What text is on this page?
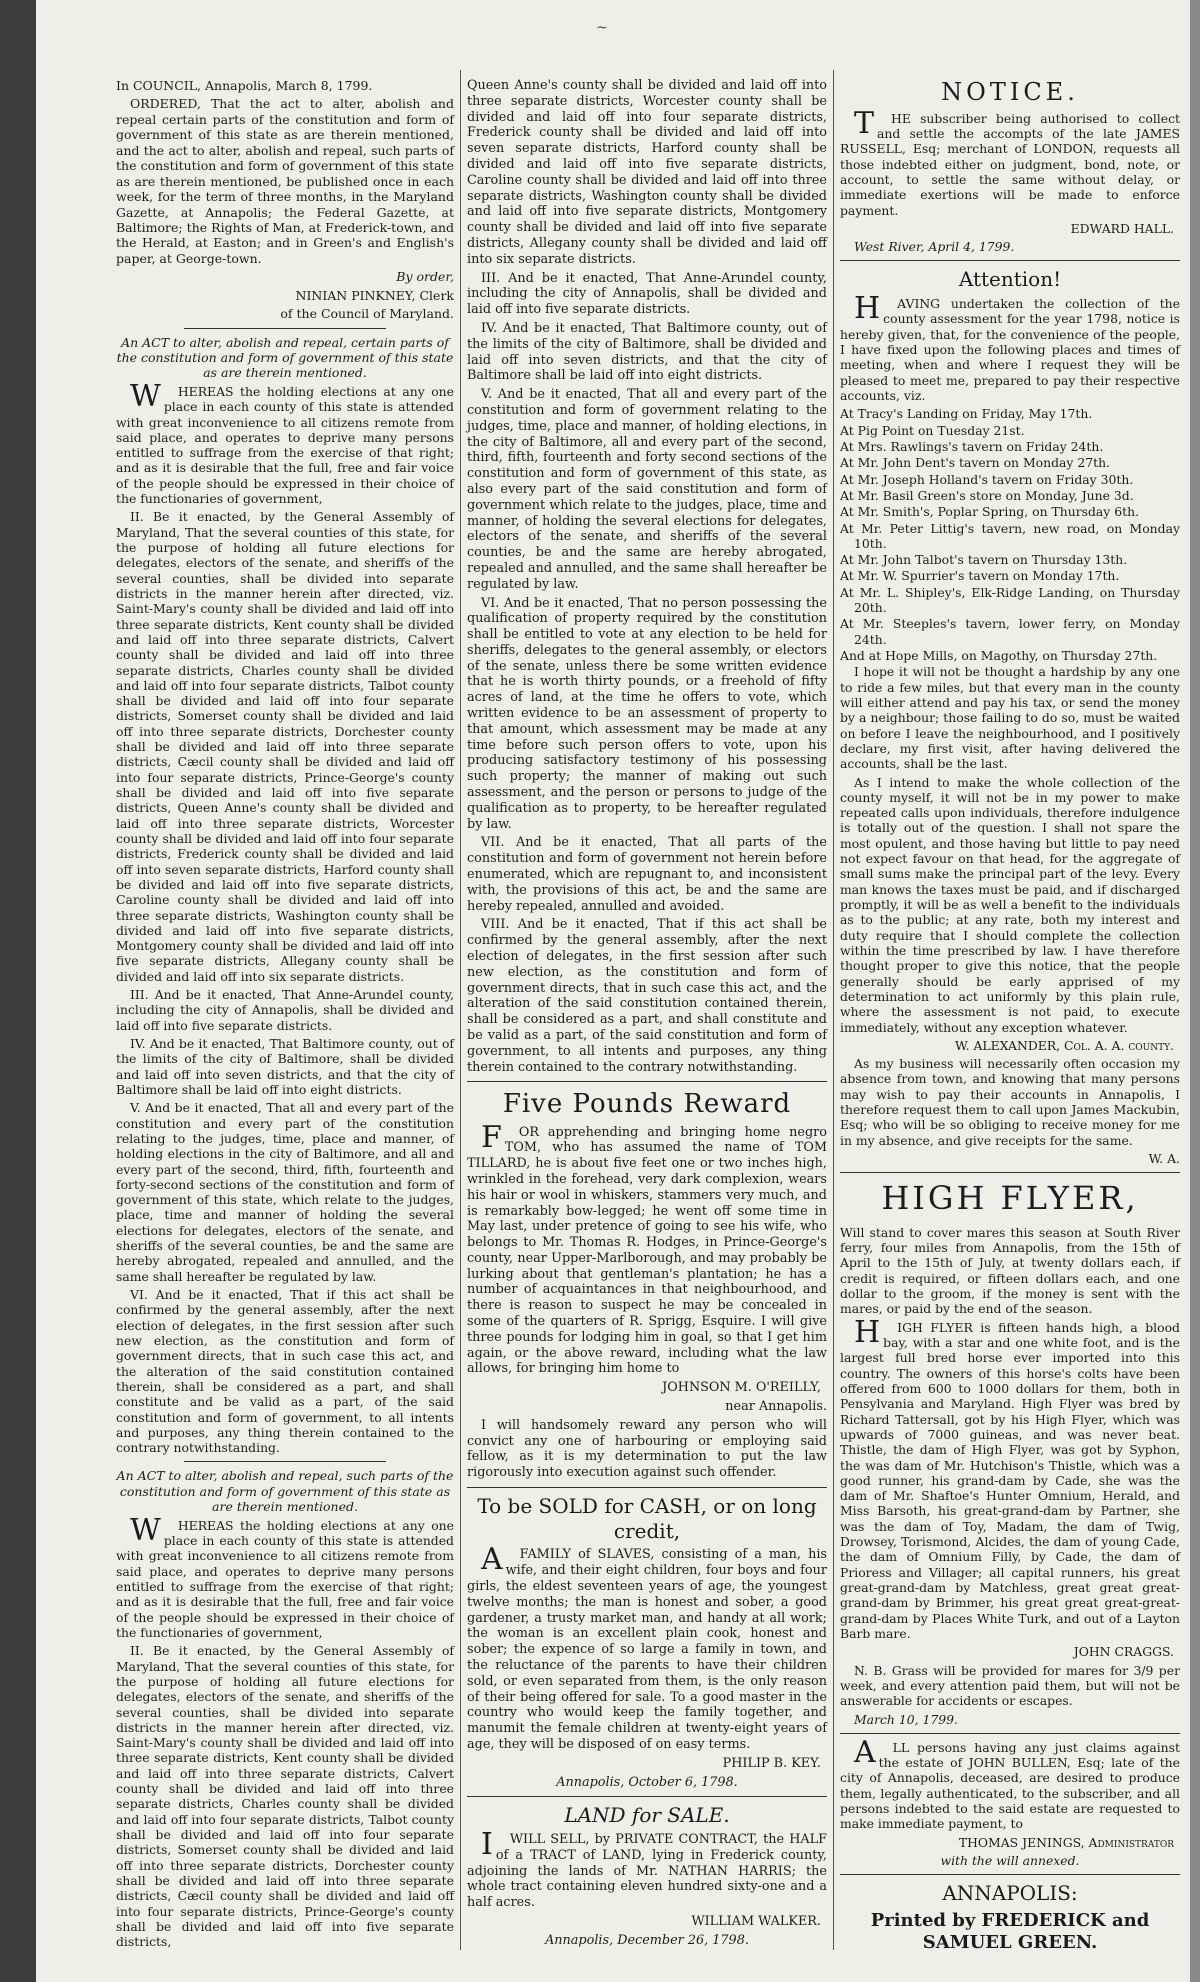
~

In COUNCIL, Annapolis, March 8, 1799.

ORDERED, That the act to alter, abolish and repeal certain parts of the constitution and form of government of this state as are therein mentioned, and the act to alter, abolish and repeal, such parts of the constitution and form of government of this state as are therein mentioned, be published once in each week, for the term of three months, in the Maryland Gazette, at Annapolis; the Federal Gazette, at Baltimore; the Rights of Man, at Frederick-town, and the Herald, at Easton; and in Green's and English's paper, at George-town.

By order,

NINIAN PINKNEY, Clerk

of the Council of Maryland.

An ACT to alter, abolish and repeal, certain parts of the constitution and form of government of this state as are therein mentioned.

WHEREAS the holding elections at any one place in each county of this state is attended with great inconvenience to all citizens remote from said place, and operates to deprive many persons entitled to suffrage from the exercise of that right; and as it is desirable that the full, free and fair voice of the people should be expressed in their choice of the functionaries of government,

II. Be it enacted, by the General Assembly of Maryland, That the several counties of this state, for the purpose of holding all future elections for delegates, electors of the senate, and sheriffs of the several counties, shall be divided into separate districts in the manner herein after directed, viz. Saint-Mary's county shall be divided and laid off into three separate districts, Kent county shall be divided and laid off into three separate districts, Calvert county shall be divided and laid off into three separate districts, Charles county shall be divided and laid off into four separate districts, Talbot county shall be divided and laid off into four separate districts, Somerset county shall be divided and laid off into three separate districts, Dorchester county shall be divided and laid off into three separate districts, Cæcil county shall be divided and laid off into four separate districts, Prince-George's county shall be divided and laid off into five separate districts, Queen Anne's county shall be divided and laid off into three separate districts, Worcester county shall be divided and laid off into four separate districts, Frederick county shall be divided and laid off into seven separate districts, Harford county shall be divided and laid off into five separate districts, Caroline county shall be divided and laid off into three separate districts, Washington county shall be divided and laid off into five separate districts, Montgomery county shall be divided and laid off into five separate districts, Allegany county shall be divided and laid off into six separate districts.

III. And be it enacted, That Anne-Arundel county, including the city of Annapolis, shall be divided and laid off into five separate districts.

IV. And be it enacted, That Baltimore county, out of the limits of the city of Baltimore, shall be divided and laid off into seven districts, and that the city of Baltimore shall be laid off into eight districts.

V. And be it enacted, That all and every part of the constitution and every part of the constitution relating to the judges, time, place and manner, of holding elections in the city of Baltimore, and all and every part of the second, third, fifth, fourteenth and forty-second sections of the constitution and form of government of this state, which relate to the judges, place, time and manner of holding the several elections for delegates, electors of the senate, and sheriffs of the several counties, be and the same are hereby abrogated, repealed and annulled, and the same shall hereafter be regulated by law.

VI. And be it enacted, That if this act shall be confirmed by the general assembly, after the next election of delegates, in the first session after such new election, as the constitution and form of government directs, that in such case this act, and the alteration of the said constitution contained therein, shall be considered as a part, and shall constitute and be valid as a part, of the said constitution and form of government, to all intents and purposes, any thing therein contained to the contrary notwithstanding.

An ACT to alter, abolish and repeal, such parts of the constitution and form of government of this state as are therein mentioned.

WHEREAS the holding elections at any one place in each county of this state is attended with great inconvenience to all citizens remote from said place, and operates to deprive many persons entitled to suffrage from the exercise of that right; and as it is desirable that the full, free and fair voice of the people should be expressed in their choice of the functionaries of government,

II. Be it enacted, by the General Assembly of Maryland, That the several counties of this state, for the purpose of holding all future elections for delegates, electors of the senate, and sheriffs of the several counties, shall be divided into separate districts in the manner herein after directed, viz. Saint-Mary's county shall be divided and laid off into three separate districts, Kent county shall be divided and laid off into three separate districts, Calvert county shall be divided and laid off into three separate districts, Charles county shall be divided and laid off into four separate districts, Talbot county shall be divided and laid off into four separate districts, Somerset county shall be divided and laid off into three separate districts, Dorchester county shall be divided and laid off into three separate districts, Cæcil county shall be divided and laid off into four separate districts, Prince-George's county shall be divided and laid off into five separate districts,

Queen Anne's county shall be divided and laid off into three separate districts, Worcester county shall be divided and laid off into four separate districts, Frederick county shall be divided and laid off into seven separate districts, Harford county shall be divided and laid off into five separate districts, Caroline county shall be divided and laid off into three separate districts, Washington county shall be divided and laid off into five separate districts, Montgomery county shall be divided and laid off into five separate districts, Allegany county shall be divided and laid off into six separate districts.

III. And be it enacted, That Anne-Arundel county, including the city of Annapolis, shall be divided and laid off into five separate districts.

IV. And be it enacted, That Baltimore county, out of the limits of the city of Baltimore, shall be divided and laid off into seven districts, and that the city of Baltimore shall be laid off into eight districts.

V. And be it enacted, That all and every part of the constitution and form of government relating to the judges, time, place and manner, of holding elections, in the city of Baltimore, all and every part of the second, third, fifth, fourteenth and forty second sections of the constitution and form of government of this state, as also every part of the said constitution and form of government which relate to the judges, place, time and manner, of holding the several elections for delegates, electors of the senate, and sheriffs of the several counties, be and the same are hereby abrogated, repealed and annulled, and the same shall hereafter be regulated by law.

VI. And be it enacted, That no person possessing the qualification of property required by the constitution shall be entitled to vote at any election to be held for sheriffs, delegates to the general assembly, or electors of the senate, unless there be some written evidence that he is worth thirty pounds, or a freehold of fifty acres of land, at the time he offers to vote, which written evidence to be an assessment of property to that amount, which assessment may be made at any time before such person offers to vote, upon his producing satisfactory testimony of his possessing such property; the manner of making out such assessment, and the person or persons to judge of the qualification as to property, to be hereafter regulated by law.

VII. And be it enacted, That all parts of the constitution and form of government not herein before enumerated, which are repugnant to, and inconsistent with, the provisions of this act, be and the same are hereby repealed, annulled and avoided.

VIII. And be it enacted, That if this act shall be confirmed by the general assembly, after the next election of delegates, in the first session after such new election, as the constitution and form of government directs, that in such case this act, and the alteration of the said constitution contained therein, shall be considered as a part, and shall constitute and be valid as a part, of the said constitution and form of government, to all intents and purposes, any thing therein contained to the contrary notwithstanding.

Five Pounds Reward

FOR apprehending and bringing home negro TOM, who has assumed the name of TOM TILLARD, he is about five feet one or two inches high, wrinkled in the forehead, very dark complexion, wears his hair or wool in whiskers, stammers very much, and is remarkably bow-legged; he went off some time in May last, under pretence of going to see his wife, who belongs to Mr. Thomas R. Hodges, in Prince-George's county, near Upper-Marlborough, and may probably be lurking about that gentleman's plantation; he has a number of acquaintances in that neighbourhood, and there is reason to suspect he may be concealed in some of the quarters of R. Sprigg, Esquire. I will give three pounds for lodging him in goal, so that I get him again, or the above reward, including what the law allows, for bringing him home to

JOHNSON M. O'REILLY,

near Annapolis.

I will handsomely reward any person who will convict any one of harbouring or employing said fellow, as it is my determination to put the law rigorously into execution against such offender.

To be SOLD for CASH, or on long credit,

AFAMILY of SLAVES, consisting of a man, his wife, and their eight children, four boys and four girls, the eldest seventeen years of age, the youngest twelve months; the man is honest and sober, a good gardener, a trusty market man, and handy at all work; the woman is an excellent plain cook, honest and sober; the expence of so large a family in town, and the reluctance of the parents to have their children sold, or even separated from them, is the only reason of their being offered for sale. To a good master in the country who would keep the family together, and manumit the female children at twenty-eight years of age, they will be disposed of on easy terms.

PHILIP B. KEY.

Annapolis, October 6, 1798.

LAND for SALE.

IWILL SELL, by PRIVATE CONTRACT, the HALF of a TRACT of LAND, lying in Frederick county, adjoining the lands of Mr. NATHAN HARRIS; the whole tract containing eleven hundred sixty-one and a half acres.

WILLIAM WALKER.

Annapolis, December 26, 1798.

NOTICE.

THE subscriber being authorised to collect and settle the accompts of the late JAMES RUSSELL, Esq; merchant of LONDON, requests all those indebted either on judgment, bond, note, or account, to settle the same without delay, or immediate exertions will be made to enforce payment.

EDWARD HALL.

West River, April 4, 1799.

Attention!

HAVING undertaken the collection of the county assessment for the year 1798, notice is hereby given, that, for the convenience of the people, I have fixed upon the following places and times of meeting, when and where I request they will be pleased to meet me, prepared to pay their respective accounts, viz.

At Tracy's Landing on Friday, May 17th.

At Pig Point on Tuesday 21st.

At Mrs. Rawlings's tavern on Friday 24th.

At Mr. John Dent's tavern on Monday 27th.

At Mr. Joseph Holland's tavern on Friday 30th.

At Mr. Basil Green's store on Monday, June 3d.

At Mr. Smith's, Poplar Spring, on Thursday 6th.

At Mr. Peter Littig's tavern, new road, on Monday 10th.

At Mr. John Talbot's tavern on Thursday 13th.

At Mr. W. Spurrier's tavern on Monday 17th.

At Mr. L. Shipley's, Elk-Ridge Landing, on Thursday 20th.

At Mr. Steeples's tavern, lower ferry, on Monday 24th.

And at Hope Mills, on Magothy, on Thursday 27th.

I hope it will not be thought a hardship by any one to ride a few miles, but that every man in the county will either attend and pay his tax, or send the money by a neighbour; those failing to do so, must be waited on before I leave the neighbourhood, and I positively declare, my first visit, after having delivered the accounts, shall be the last.

As I intend to make the whole collection of the county myself, it will not be in my power to make repeated calls upon individuals, therefore indulgence is totally out of the question. I shall not spare the most opulent, and those having but little to pay need not expect favour on that head, for the aggregate of small sums make the principal part of the levy. Every man knows the taxes must be paid, and if discharged promptly, it will be as well a benefit to the individuals as to the public; at any rate, both my interest and duty require that I should complete the collection within the time prescribed by law. I have therefore thought proper to give this notice, that the people generally should be early apprised of my determination to act uniformly by this plain rule, where the assessment is not paid, to execute immediately, without any exception whatever.

W. ALEXANDER, Col. A. A. county.

As my business will necessarily often occasion my absence from town, and knowing that many persons may wish to pay their accounts in Annapolis, I therefore request them to call upon James Mackubin, Esq; who will be so obliging to receive money for me in my absence, and give receipts for the same.

W. A.

HIGH FLYER,

Will stand to cover mares this season at South River ferry, four miles from Annapolis, from the 15th of April to the 15th of July, at twenty dollars each, if credit is required, or fifteen dollars each, and one dollar to the groom, if the money is sent with the mares, or paid by the end of the season.

HIGH FLYER is fifteen hands high, a blood bay, with a star and one white foot, and is the largest full bred horse ever imported into this country. The owners of this horse's colts have been offered from 600 to 1000 dollars for them, both in Pensylvania and Maryland. High Flyer was bred by Richard Tattersall, got by his High Flyer, which was upwards of 7000 guineas, and was never beat. Thistle, the dam of High Flyer, was got by Syphon, the was dam of Mr. Hutchison's Thistle, which was a good runner, his grand-dam by Cade, she was the dam of Mr. Shaftoe's Hunter Omnium, Herald, and Miss Barsoth, his great-grand-dam by Partner, she was the dam of Toy, Madam, the dam of Twig, Drowsey, Torismond, Alcides, the dam of young Cade, the dam of Omnium Filly, by Cade, the dam of Prioress and Villager; all capital runners, his great great-grand-dam by Matchless, great great great-grand-dam by Brimmer, his great great great-great-grand-dam by Places White Turk, and out of a Layton Barb mare.

JOHN CRAGGS.

N. B. Grass will be provided for mares for 3/9 per week, and every attention paid them, but will not be answerable for accidents or escapes.

March 10, 1799.

ALL persons having any just claims against the estate of JOHN BULLEN, Esq; late of the city of Annapolis, deceased, are desired to produce them, legally authenticated, to the subscriber, and all persons indebted to the said estate are requested to make immediate payment, to

THOMAS JENINGS, Administrator

with the will annexed.

ANNAPOLIS:

Printed by FREDERICK and SAMUEL GREEN.
